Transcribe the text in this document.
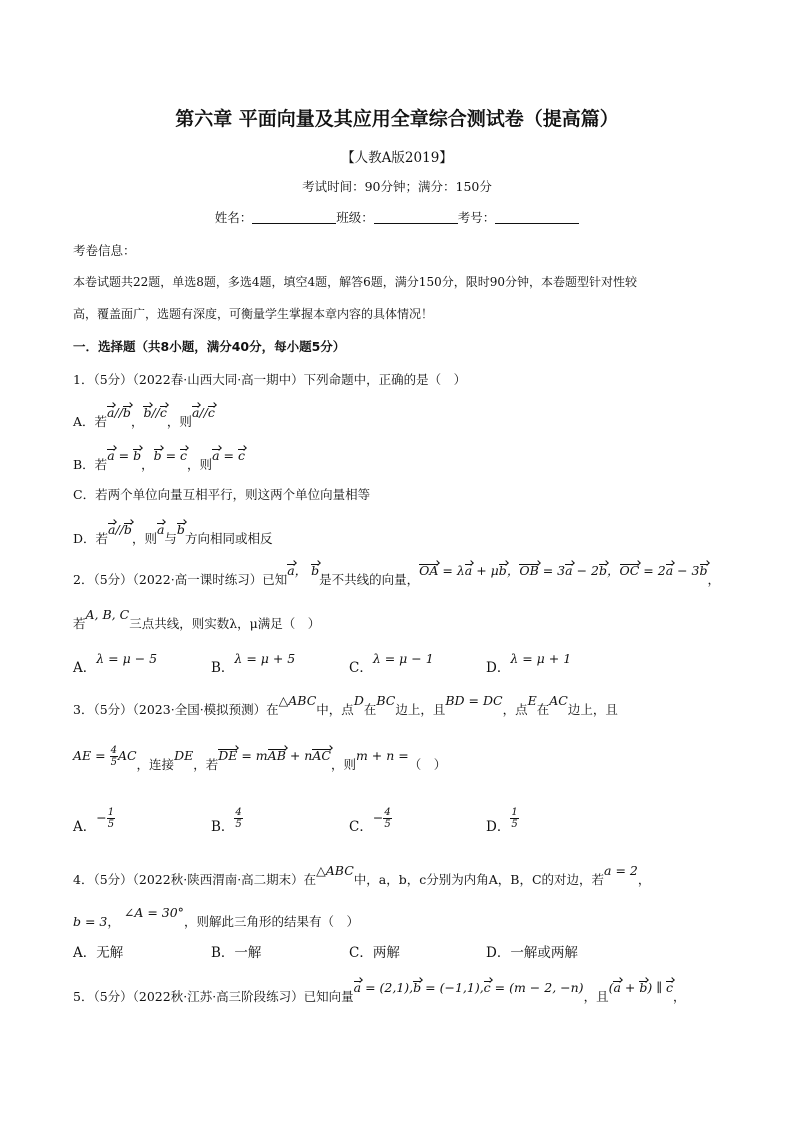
第六章 平面向量及其应用全章综合测试卷（提高篇）
【人教A版2019】
考试时间：90分钟；满分：150分
姓名：	班级：	考号：
考卷信息：
本卷试题共22题，单选8题，多选4题，填空4题，解答6题，满分150分，限时90分钟，本卷题型针对性较
高，覆盖面广，选题有深度，可衡量学生掌握本章内容的具体情况！
一．选择题（共8小题，满分40分，每小题5分）
1．（5分）（2022春·山西大同·高一期中）下列命题中，正确的是（　）
A．若a//b，b//c，则a//c
B．若a = b，b = c，则a = c
C．若两个单位向量互相平行，则这两个单位向量相等
D．若a//b，则a与b方向相同或相反
2．（5分）（2022·高一课时练习）已知a， b是不共线的向量，OA = λa + μb，OB = 3a − 2b，OC = 2a − 3b，
若A, B, C三点共线，则实数λ，μ满足（　）
A．λ = μ − 5
B．λ = μ + 5
C．λ = μ − 1
D．λ = μ + 1
3．（5分）（2023·全国·模拟预测）在△ABC中，点D在BC边上，且BD = DC，点E在AC边上，且
AE = $\frac{4}{5}$ AC，连接DE，若DE = mAB + nAC，则m + n =（　）
A．− $\frac{1}{5}$	B． $\frac{4}{5}$	C．− $\frac{4}{5}$	D． $\frac{1}{5}$
4．（5分）（2022秋·陕西渭南·高二期末）在△ABC中，a，b，c分别为内角A，B，C的对边，若a = 2，
b = 3， ∠A = 30°，则解此三角形的结果有（　）
A．无解	B．一解	C．两解	D．一解或两解
5．（5分）（2022秋·江苏·高三阶段练习）已知向量a = (2,1),b = (−1,1),c = (m − 2, −n)，且(a + b) ∥ c，
